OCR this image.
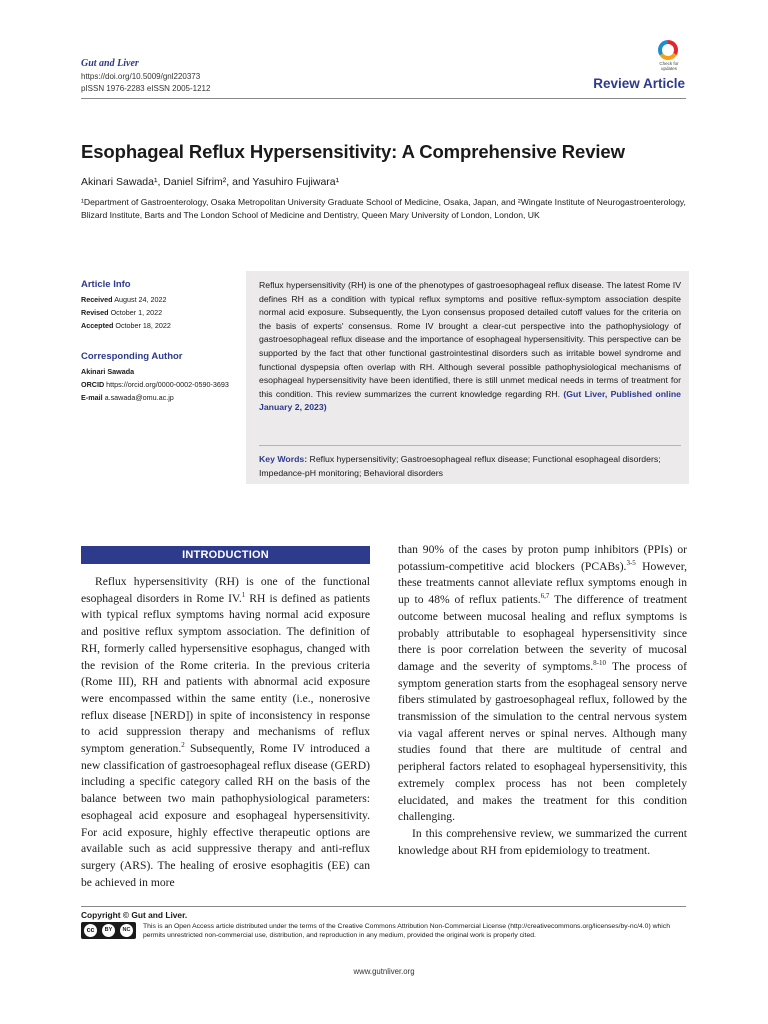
Gut and Liver
https://doi.org/10.5009/gnl220373
pISSN 1976-2283 eISSN 2005-1212
Check for updates
Review Article
Esophageal Reflux Hypersensitivity: A Comprehensive Review
Akinari Sawada¹, Daniel Sifrim², and Yasuhiro Fujiwara¹
¹Department of Gastroenterology, Osaka Metropolitan University Graduate School of Medicine, Osaka, Japan, and ²Wingate Institute of Neurogastroenterology, Blizard Institute, Barts and The London School of Medicine and Dentistry, Queen Mary University of London, London, UK
Article Info
Received August 24, 2022
Revised October 1, 2022
Accepted October 18, 2022
Corresponding Author
Akinari Sawada
ORCID https://orcid.org/0000-0002-0590-3693
E-mail a.sawada@omu.ac.jp
Reflux hypersensitivity (RH) is one of the phenotypes of gastroesophageal reflux disease. The latest Rome IV defines RH as a condition with typical reflux symptoms and positive reflux-symptom association despite normal acid exposure. Subsequently, the Lyon consensus proposed detailed cutoff values for the criteria on the basis of experts' consensus. Rome IV brought a clear-cut perspective into the pathophysiology of gastroesophageal reflux disease and the importance of esophageal hypersensitivity. This perspective can be supported by the fact that other functional gastrointestinal disorders such as irritable bowel syndrome and functional dyspepsia often overlap with RH. Although several possible pathophysiological mechanisms of esophageal hypersensitivity have been identified, there is still unmet medical needs in terms of treatment for this condition. This review summarizes the current knowledge regarding RH. (Gut Liver, Published online January 2, 2023)
Key Words: Reflux hypersensitivity; Gastroesophageal reflux disease; Functional esophageal disorders; Impedance-pH monitoring; Behavioral disorders
INTRODUCTION

Reflux hypersensitivity (RH) is one of the functional esophageal disorders in Rome IV.$^1$ RH is defined as patients with typical reflux symptoms having normal acid exposure and positive reflux symptom association. The definition of RH, formerly called hypersensitive esophagus, changed with the revision of the Rome criteria. In the previous criteria (Rome III), RH and patients with abnormal acid exposure were encompassed within the same entity (i.e., nonerosive reflux disease [NERD]) in spite of inconsistency in response to acid suppression therapy and mechanisms of reflux symptom generation.$^2$ Subsequently, Rome IV introduced a new classification of gastroesophageal reflux disease (GERD) including a specific category called RH on the basis of the balance between two main pathophysiological parameters: esophageal acid exposure and esophageal hypersensitivity. For acid exposure, highly effective therapeutic options are available such as acid suppressive therapy and anti-reflux surgery (ARS). The healing of erosive esophagitis (EE) can be achieved in more

than 90% of the cases by proton pump inhibitors (PPIs) or potassium-competitive acid blockers (PCABs).$^{3-5}$ However, these treatments cannot alleviate reflux symptoms enough in up to 48% of reflux patients.$^{6,7}$ The difference of treatment outcome between mucosal healing and reflux symptoms is probably attributable to esophageal hypersensitivity since there is poor correlation between the severity of mucosal damage and the severity of symptoms.$^{8-10}$ The process of symptom generation starts from the esophageal sensory nerve fibers stimulated by gastroesophageal reflux, followed by the transmission of the simulation to the central nervous system via vagal afferent nerves or spinal nerves. Although many studies found that there are multitude of central and peripheral factors related to esophageal hypersensitivity, this extremely complex process has not been completely elucidated, and makes the treatment for this condition challenging.

In this comprehensive review, we summarized the current knowledge about RH from epidemiology to treatment.

Copyright © Gut and Liver.
cc	BY	NC	This is an Open Access article distributed under the terms of the Creative Commons Attribution Non-Commercial License (http://creativecommons.org/licenses/by-nc/4.0) which permits unrestricted non-commercial use, distribution, and reproduction in any medium, provided the original work is properly cited.
www.gutnliver.org
